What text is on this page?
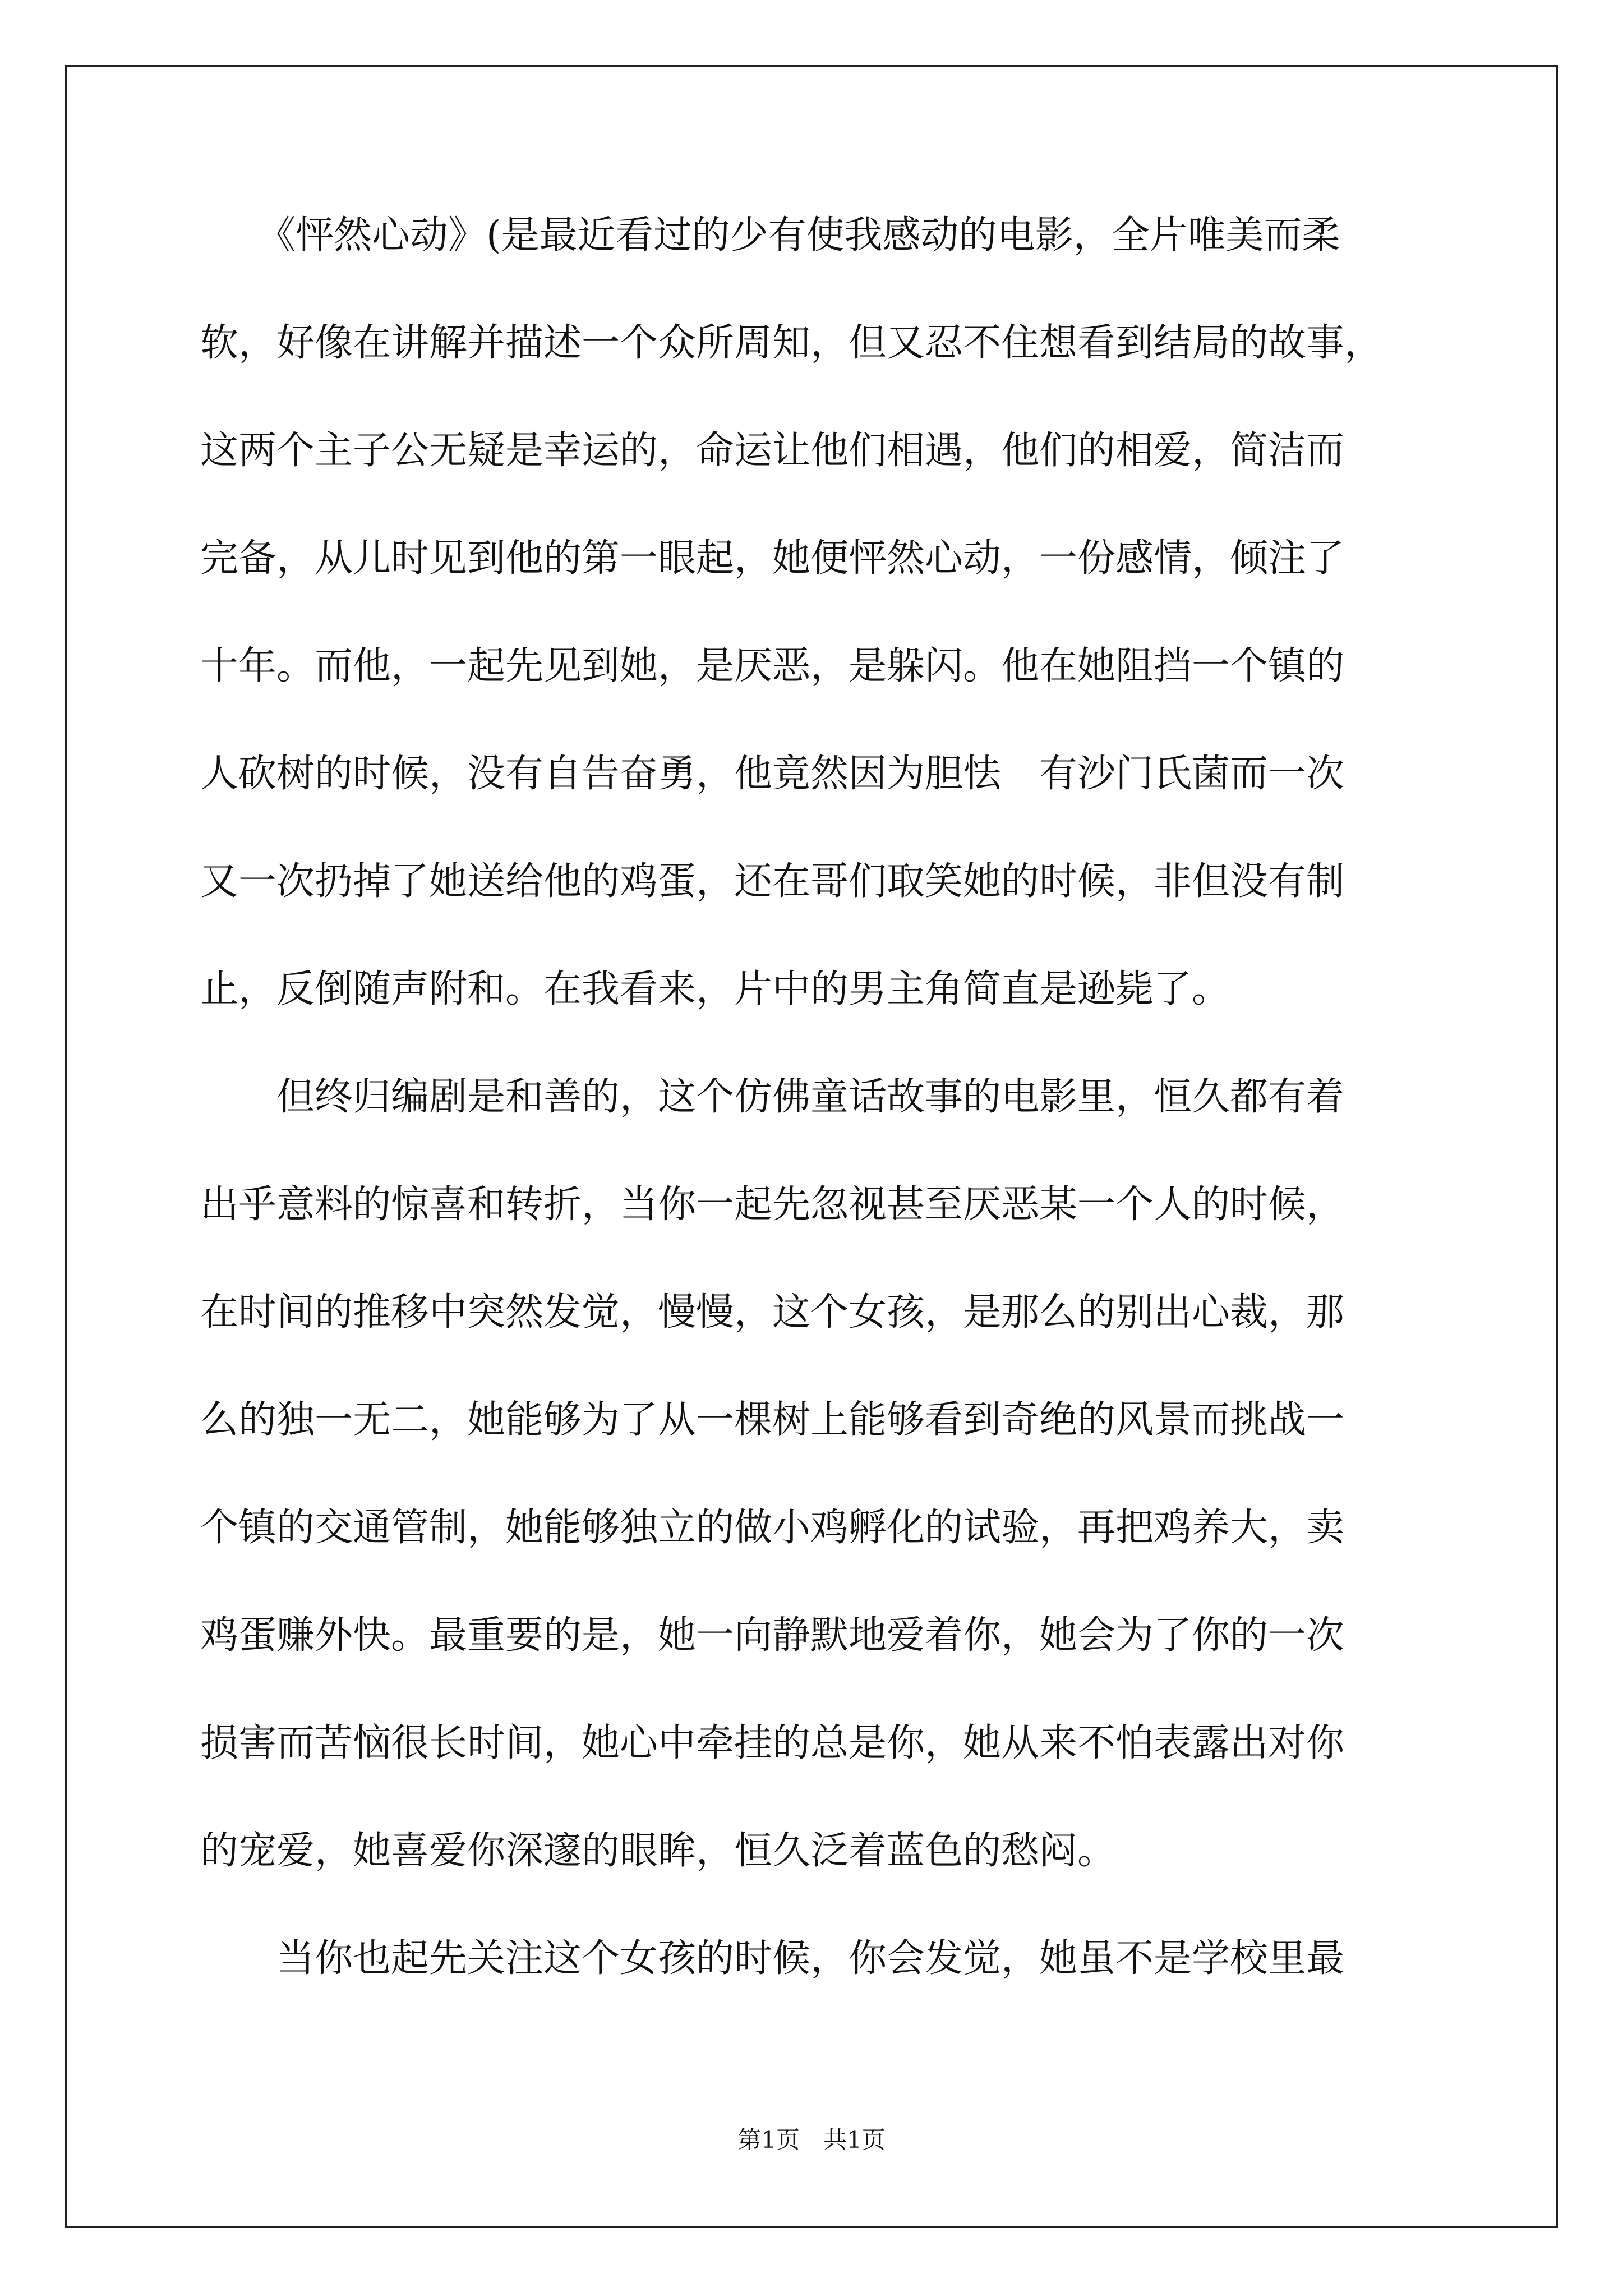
　　《怦然心动》(是最近看过的少有使我感动的电影，全片唯美而柔
软，好像在讲解并描述一个众所周知，但又忍不住想看到结局的故事，
这两个主子公无疑是幸运的，命运让他们相遇，他们的相爱，简洁而
完备，从儿时见到他的第一眼起，她便怦然心动，一份感情，倾注了
十年。而他，一起先见到她，是厌恶，是躲闪。他在她阻挡一个镇的
人砍树的时候，没有自告奋勇，他竟然因为胆怯　有沙门氏菌而一次
又一次扔掉了她送给他的鸡蛋，还在哥们取笑她的时候，非但没有制
止，反倒随声附和。在我看来，片中的男主角简直是逊毙了。
　　但终归编剧是和善的，这个仿佛童话故事的电影里，恒久都有着
出乎意料的惊喜和转折，当你一起先忽视甚至厌恶某一个人的时候，
在时间的推移中突然发觉，慢慢，这个女孩，是那么的别出心裁，那
么的独一无二，她能够为了从一棵树上能够看到奇绝的风景而挑战一
个镇的交通管制，她能够独立的做小鸡孵化的试验，再把鸡养大，卖
鸡蛋赚外快。最重要的是，她一向静默地爱着你，她会为了你的一次
损害而苦恼很长时间，她心中牵挂的总是你，她从来不怕表露出对你
的宠爱，她喜爱你深邃的眼眸，恒久泛着蓝色的愁闷。
　　当你也起先关注这个女孩的时候，你会发觉，她虽不是学校里最
第1页　共1页
